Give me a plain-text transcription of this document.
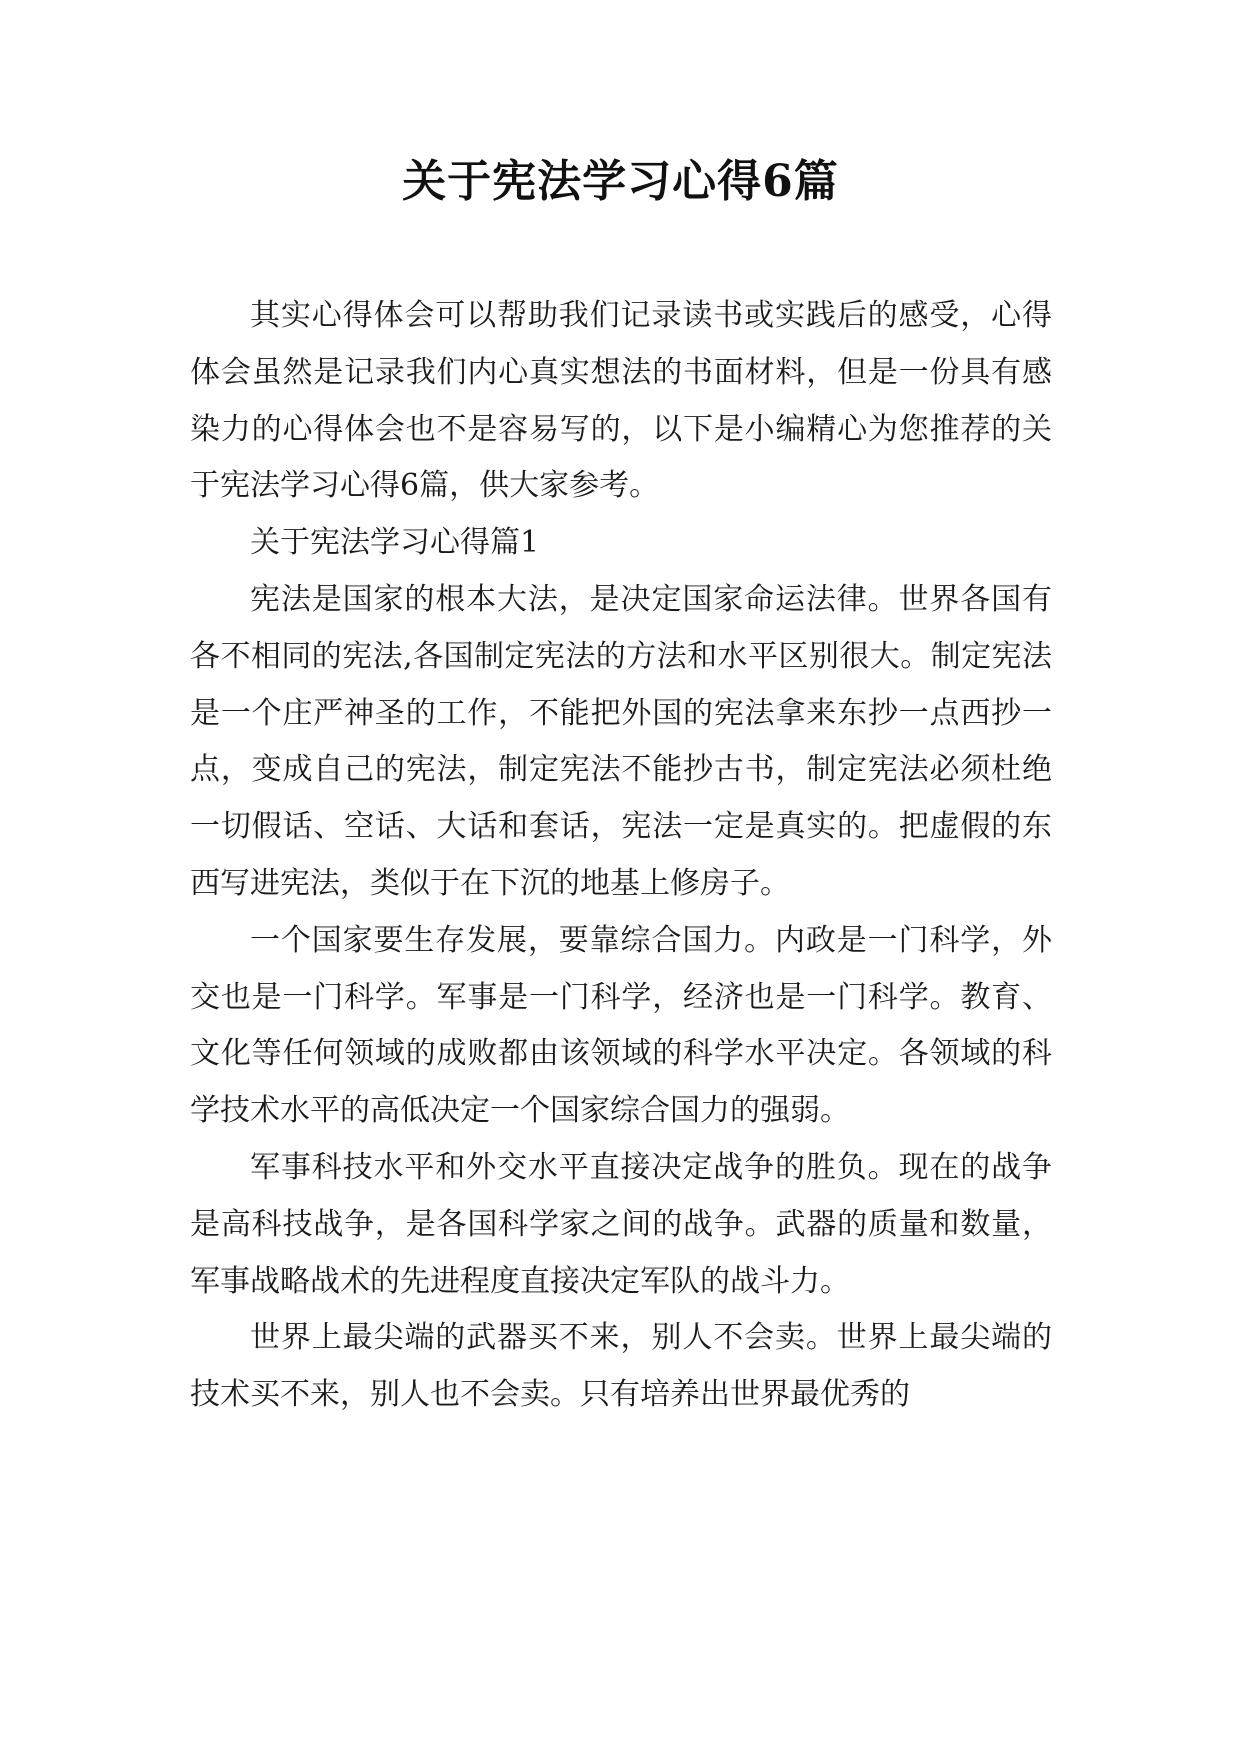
关于宪法学习心得6篇

其实心得体会可以帮助我们记录读书或实践后的感受，心得体会虽然是记录我们内心真实想法的书面材料，但是一份具有感染力的心得体会也不是容易写的，以下是小编精心为您推荐的关于宪法学习心得6篇，供大家参考。

关于宪法学习心得篇1

宪法是国家的根本大法，是决定国家命运法律。世界各国有各不相同的宪法,各国制定宪法的方法和水平区别很大。制定宪法是一个庄严神圣的工作，不能把外国的宪法拿来东抄一点西抄一点，变成自己的宪法，制定宪法不能抄古书，制定宪法必须杜绝一切假话、空话、大话和套话，宪法一定是真实的。把虚假的东西写进宪法，类似于在下沉的地基上修房子。

一个国家要生存发展，要靠综合国力。内政是一门科学，外交也是一门科学。军事是一门科学，经济也是一门科学。教育、文化等任何领域的成败都由该领域的科学水平决定。各领域的科学技术水平的高低决定一个国家综合国力的强弱。

军事科技水平和外交水平直接决定战争的胜负。现在的战争是高科技战争，是各国科学家之间的战争。武器的质量和数量，军事战略战术的先进程度直接决定军队的战斗力。

世界上最尖端的武器买不来，别人不会卖。世界上最尖端的技术买不来，别人也不会卖。只有培养出世界最优秀的
